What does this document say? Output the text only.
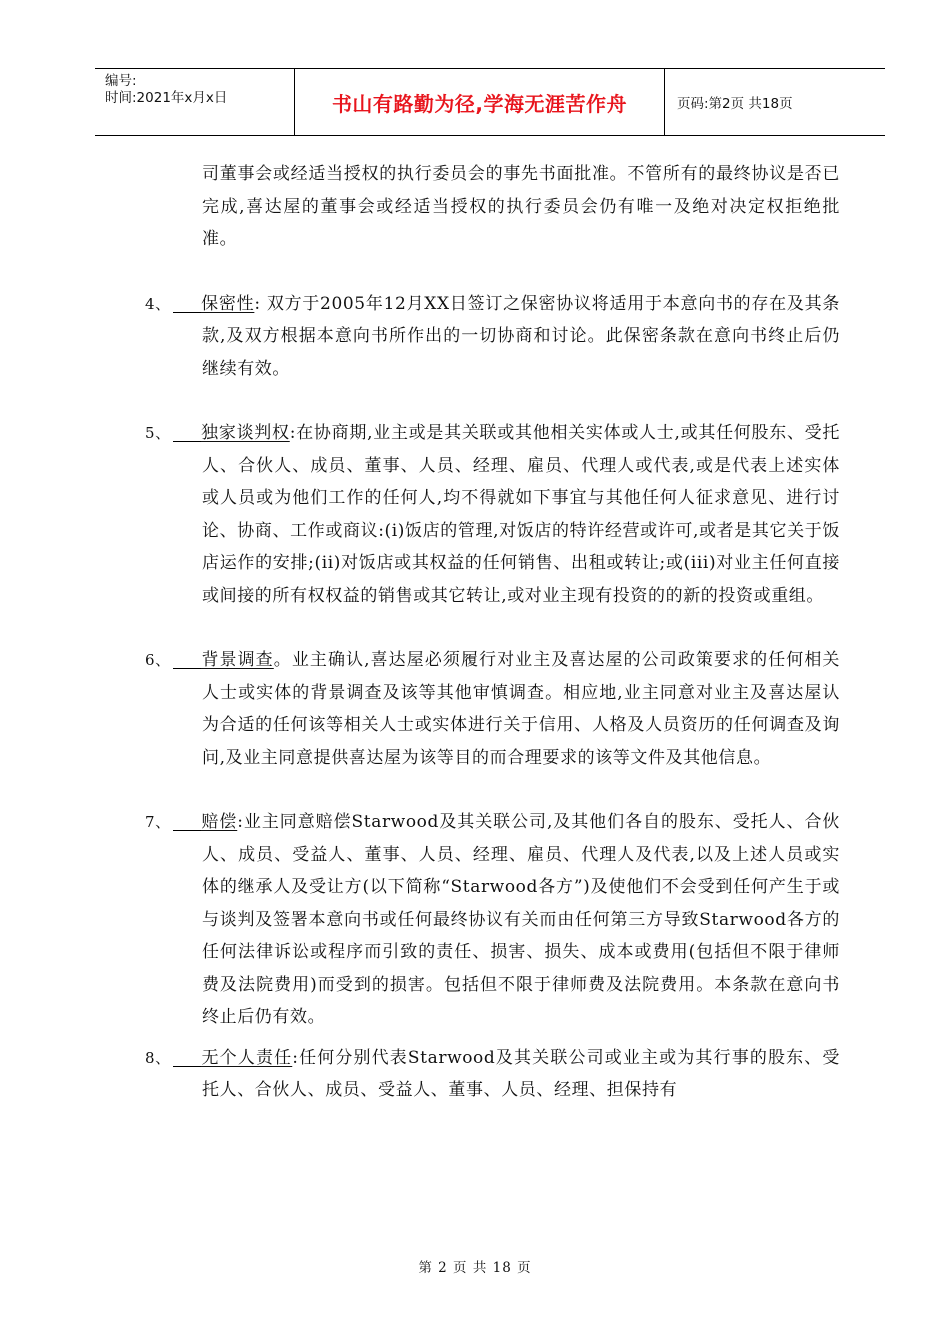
编号:
时间:2021年x月x日	书山有路勤为径,学海无涯苦作舟	页码:第2页 共18页

司董事会或经适当授权的执行委员会的事先书面批准。不管所有的最终协议是否已完成,喜达屋的董事会或经适当授权的执行委员会仍有唯一及绝对决定权拒绝批准。

4、 保密性: 双方于2005年12月XX日签订之保密协议将适用于本意向书的存在及其条款,及双方根据本意向书所作出的一切协商和讨论。此保密条款在意向书终止后仍继续有效。

5、 独家谈判权:在协商期,业主或是其关联或其他相关实体或人士,或其任何股东、受托人、合伙人、成员、董事、人员、经理、雇员、代理人或代表,或是代表上述实体或人员或为他们工作的任何人,均不得就如下事宜与其他任何人征求意见、进行讨论、协商、工作或商议:(i)饭店的管理,对饭店的特许经营或许可,或者是其它关于饭店运作的安排;(ii)对饭店或其权益的任何销售、出租或转让;或(iii)对业主任何直接或间接的所有权权益的销售或其它转让,或对业主现有投资的的新的投资或重组。

6、 背景调查。业主确认,喜达屋必须履行对业主及喜达屋的公司政策要求的任何相关人士或实体的背景调查及该等其他审慎调查。相应地,业主同意对业主及喜达屋认为合适的任何该等相关人士或实体进行关于信用、人格及人员资历的任何调查及询问,及业主同意提供喜达屋为该等目的而合理要求的该等文件及其他信息。

7、 赔偿:业主同意赔偿Starwood及其关联公司,及其他们各自的股东、受托人、合伙人、成员、受益人、董事、人员、经理、雇员、代理人及代表,以及上述人员或实体的继承人及受让方(以下简称“Starwood各方”)及使他们不会受到任何产生于或与谈判及签署本意向书或任何最终协议有关而由任何第三方导致Starwood各方的任何法律诉讼或程序而引致的责任、损害、损失、成本或费用(包括但不限于律师费及法院费用)而受到的损害。包括但不限于律师费及法院费用。本条款在意向书终止后仍有效。

8、 无个人责任:任何分别代表Starwood及其关联公司或业主或为其行事的股东、受托人、合伙人、成员、受益人、董事、人员、经理、担保持有

第 2 页 共 18 页
